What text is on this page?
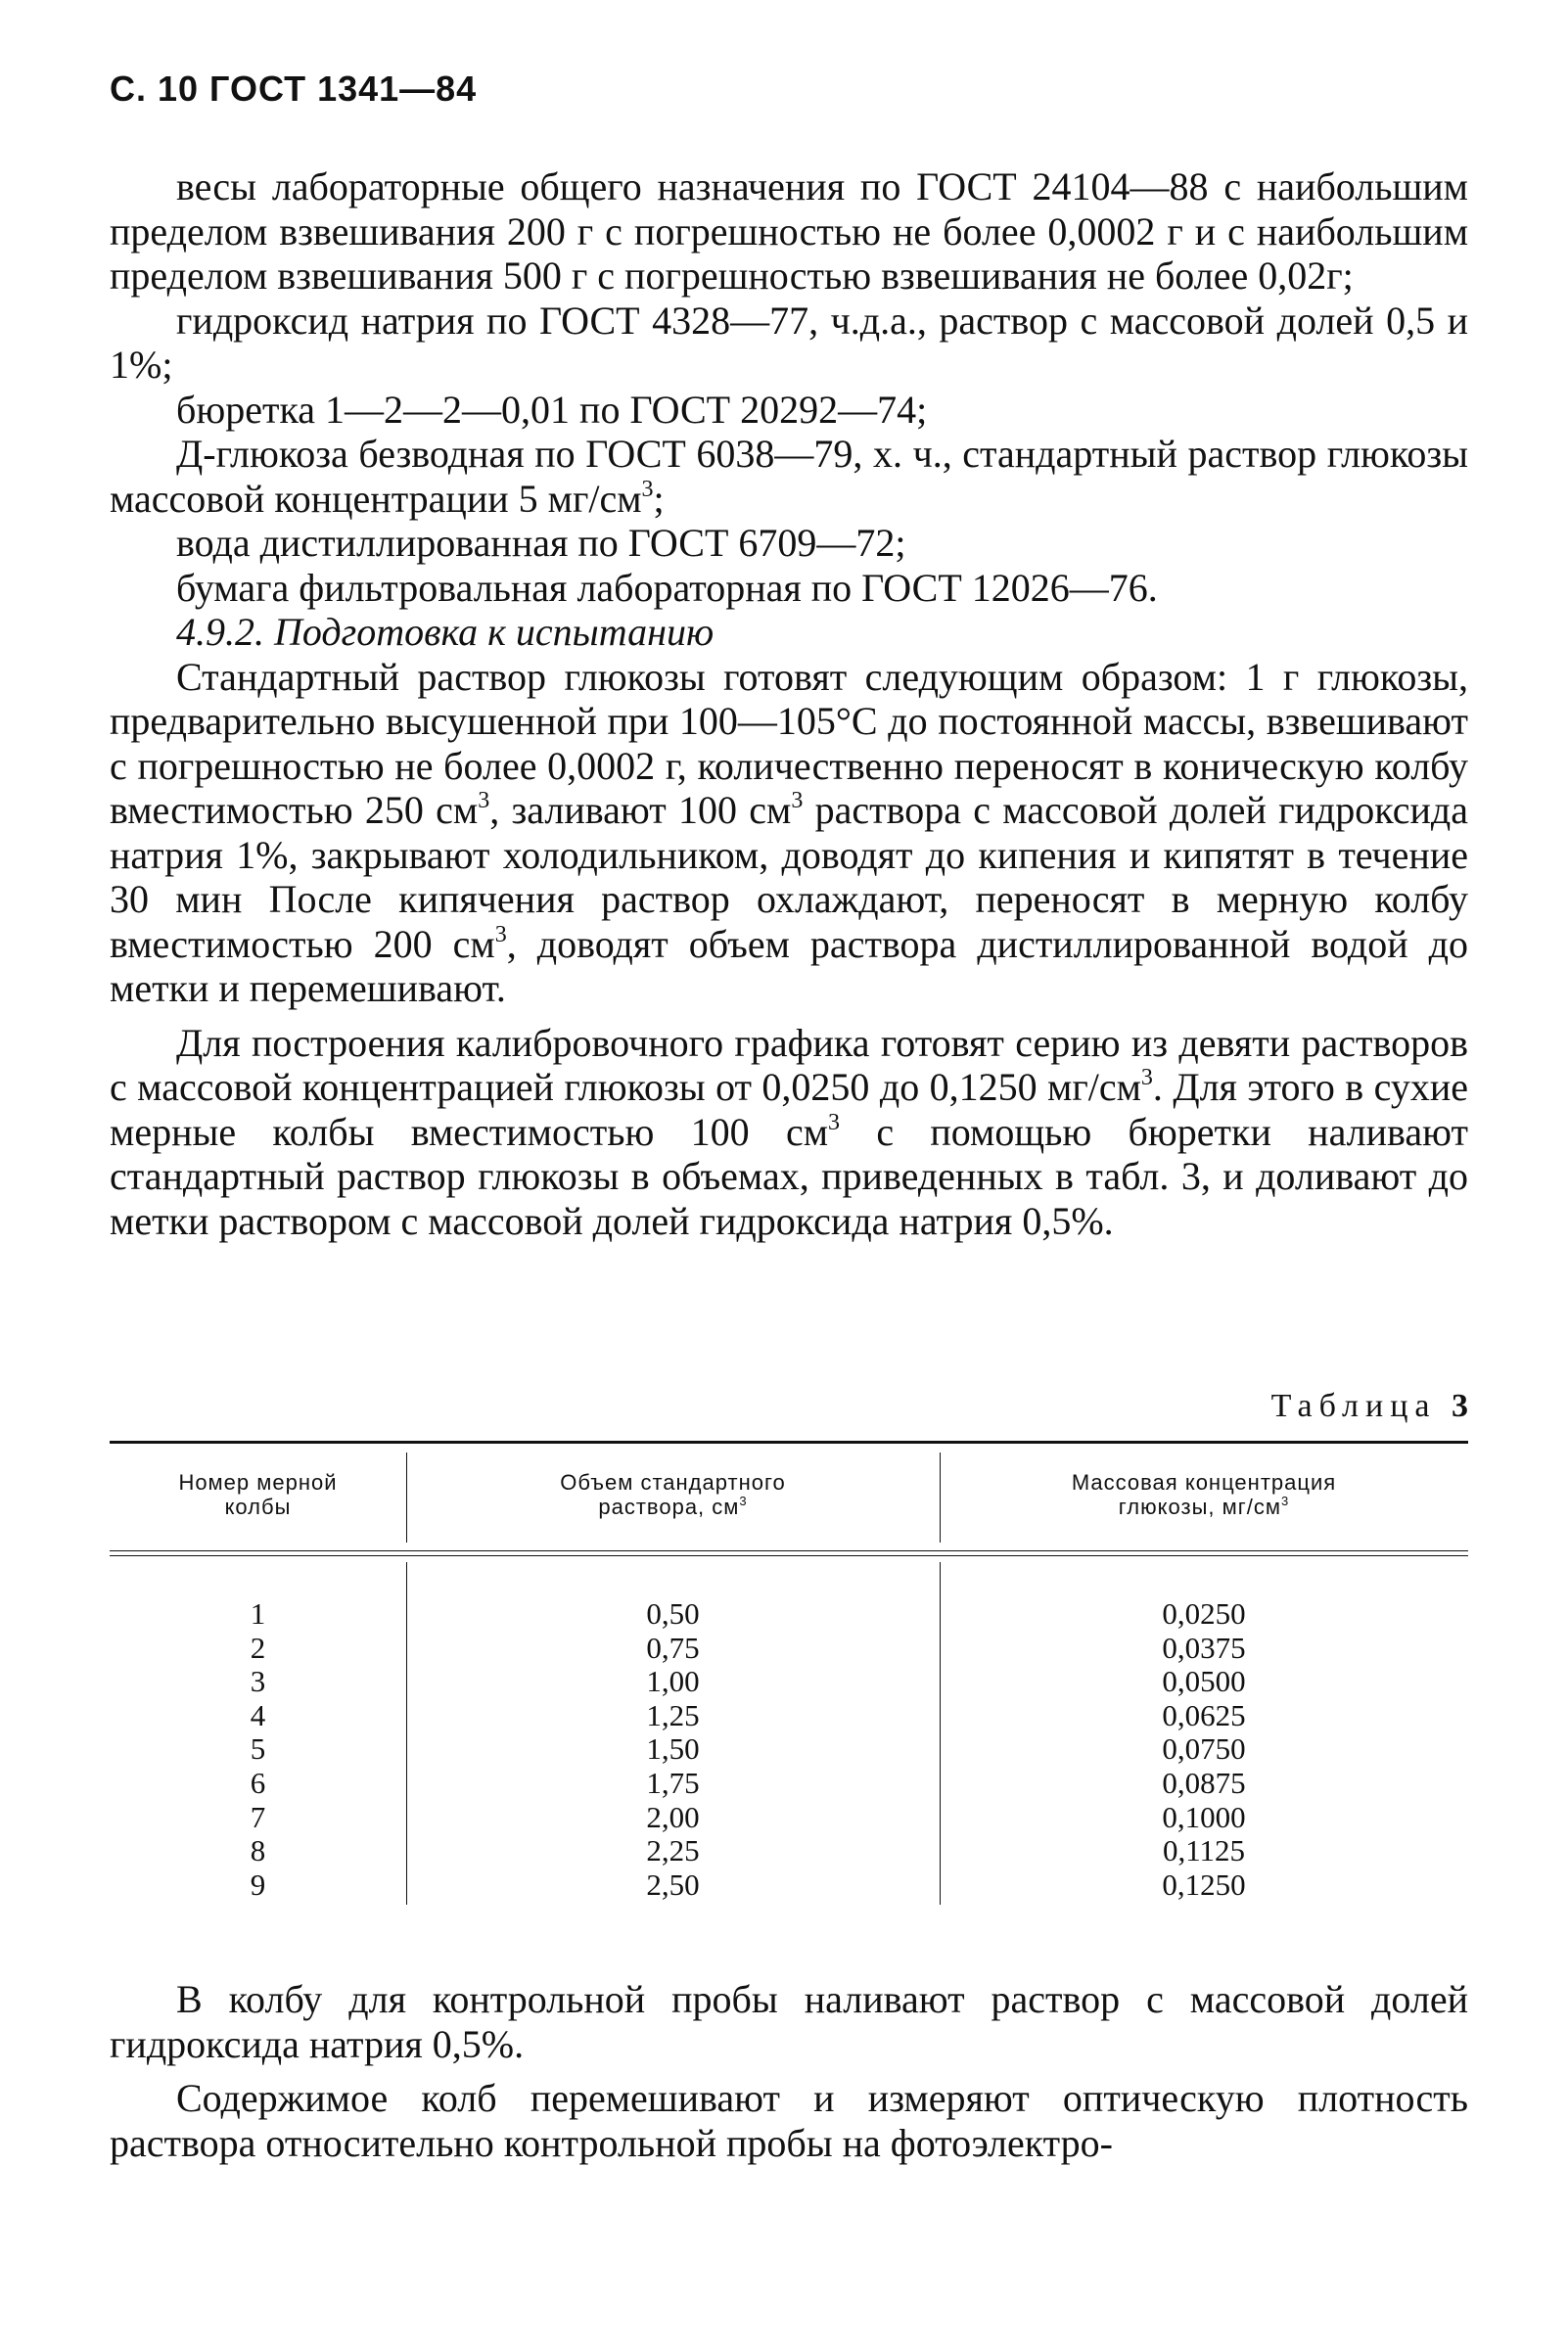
С. 10 ГОСТ 1341—84

весы лабораторные общего назначения по ГОСТ 24104—88 с наибольшим пределом взвешивания 200 г с погрешностью не более 0,0002 г и с наибольшим пределом взвешивания 500 г с погрешностью взвешивания не более 0,02г;

гидроксид натрия по ГОСТ 4328—77, ч.д.а., раствор с массовой долей 0,5 и 1%;

бюретка 1—2—2—0,01 по ГОСТ 20292—74;

Д-глюкоза безводная по ГОСТ 6038—79, х. ч., стандартный раствор глюкозы массовой концентрации 5 $мг/см^3$;

вода дистиллированная по ГОСТ 6709—72;

бумага фильтровальная лабораторная по ГОСТ 12026—76.

4.9.2. Подготовка к испытанию

Стандартный раствор глюкозы готовят следующим образом: 1 г глюкозы, предварительно высушенной при 100—105°С до постоянной массы, взвешивают с погрешностью не более 0,0002 г, количественно переносят в коническую колбу вместимостью 250 $см^3$, заливают 100 $см^3$ раствора с массовой долей гидроксида натрия 1%, закрывают холодильником, доводят до кипения и кипятят в течение 30 мин После кипячения раствор охлаждают, переносят в мерную колбу вместимостью 200 $см^3$, доводят объем раствора дистиллированной водой до метки и перемешивают.

Для построения калибровочного графика готовят серию из девяти растворов с массовой концентрацией глюкозы от 0,0250 до 0,1250 $мг/см^3$. Для этого в сухие мерные колбы вместимостью 100 $см^3$ с помощью бюретки наливают стандартный раствор глюкозы в объемах, приведенных в табл. 3, и доливают до метки раствором с массовой долей гидроксида натрия 0,5%.

Таблица 3
Номер мерной
колбы
Объем стандартного
раствора, $см^3$
Массовая концентрация
глюкозы, $мг/см^3$
1
2
3
4
5
6
7
8
9
0,50
0,75
1,00
1,25
1,50
1,75
2,00
2,25
2,50
0,0250
0,0375
0,0500
0,0625
0,0750
0,0875
0,1000
0,1125
0,1250

В колбу для контрольной пробы наливают раствор с массовой долей гидроксида натрия 0,5%.

Содержимое колб перемешивают и измеряют оптическую плотность раствора относительно контрольной пробы на фотоэлектро-
